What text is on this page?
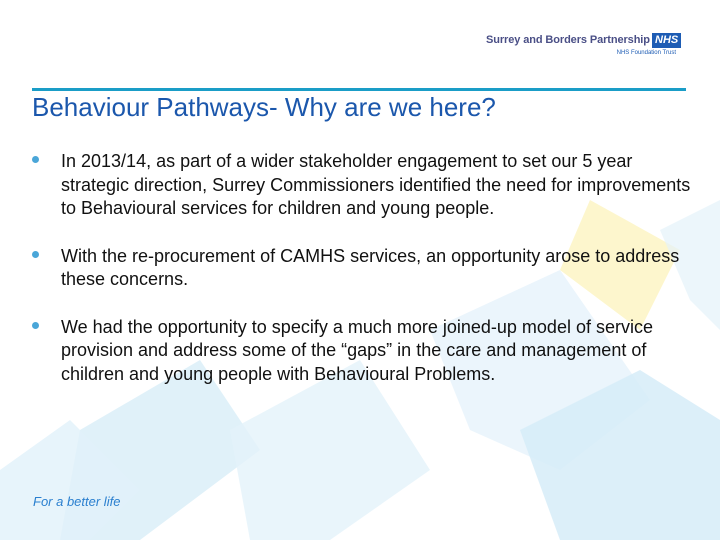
Surrey and Borders Partnership NHS
NHS Foundation Trust
Behaviour Pathways- Why are we here?
In 2013/14, as part of a wider stakeholder engagement to set our 5 year strategic direction, Surrey Commissioners identified the need for improvements to Behavioural services for children and young people.
With the re-procurement of CAMHS services, an opportunity arose to address these concerns.
We had the opportunity to specify a much more joined-up model of service provision and address some of the “gaps” in the care and management of children and young people with Behavioural Problems.
For a better life
